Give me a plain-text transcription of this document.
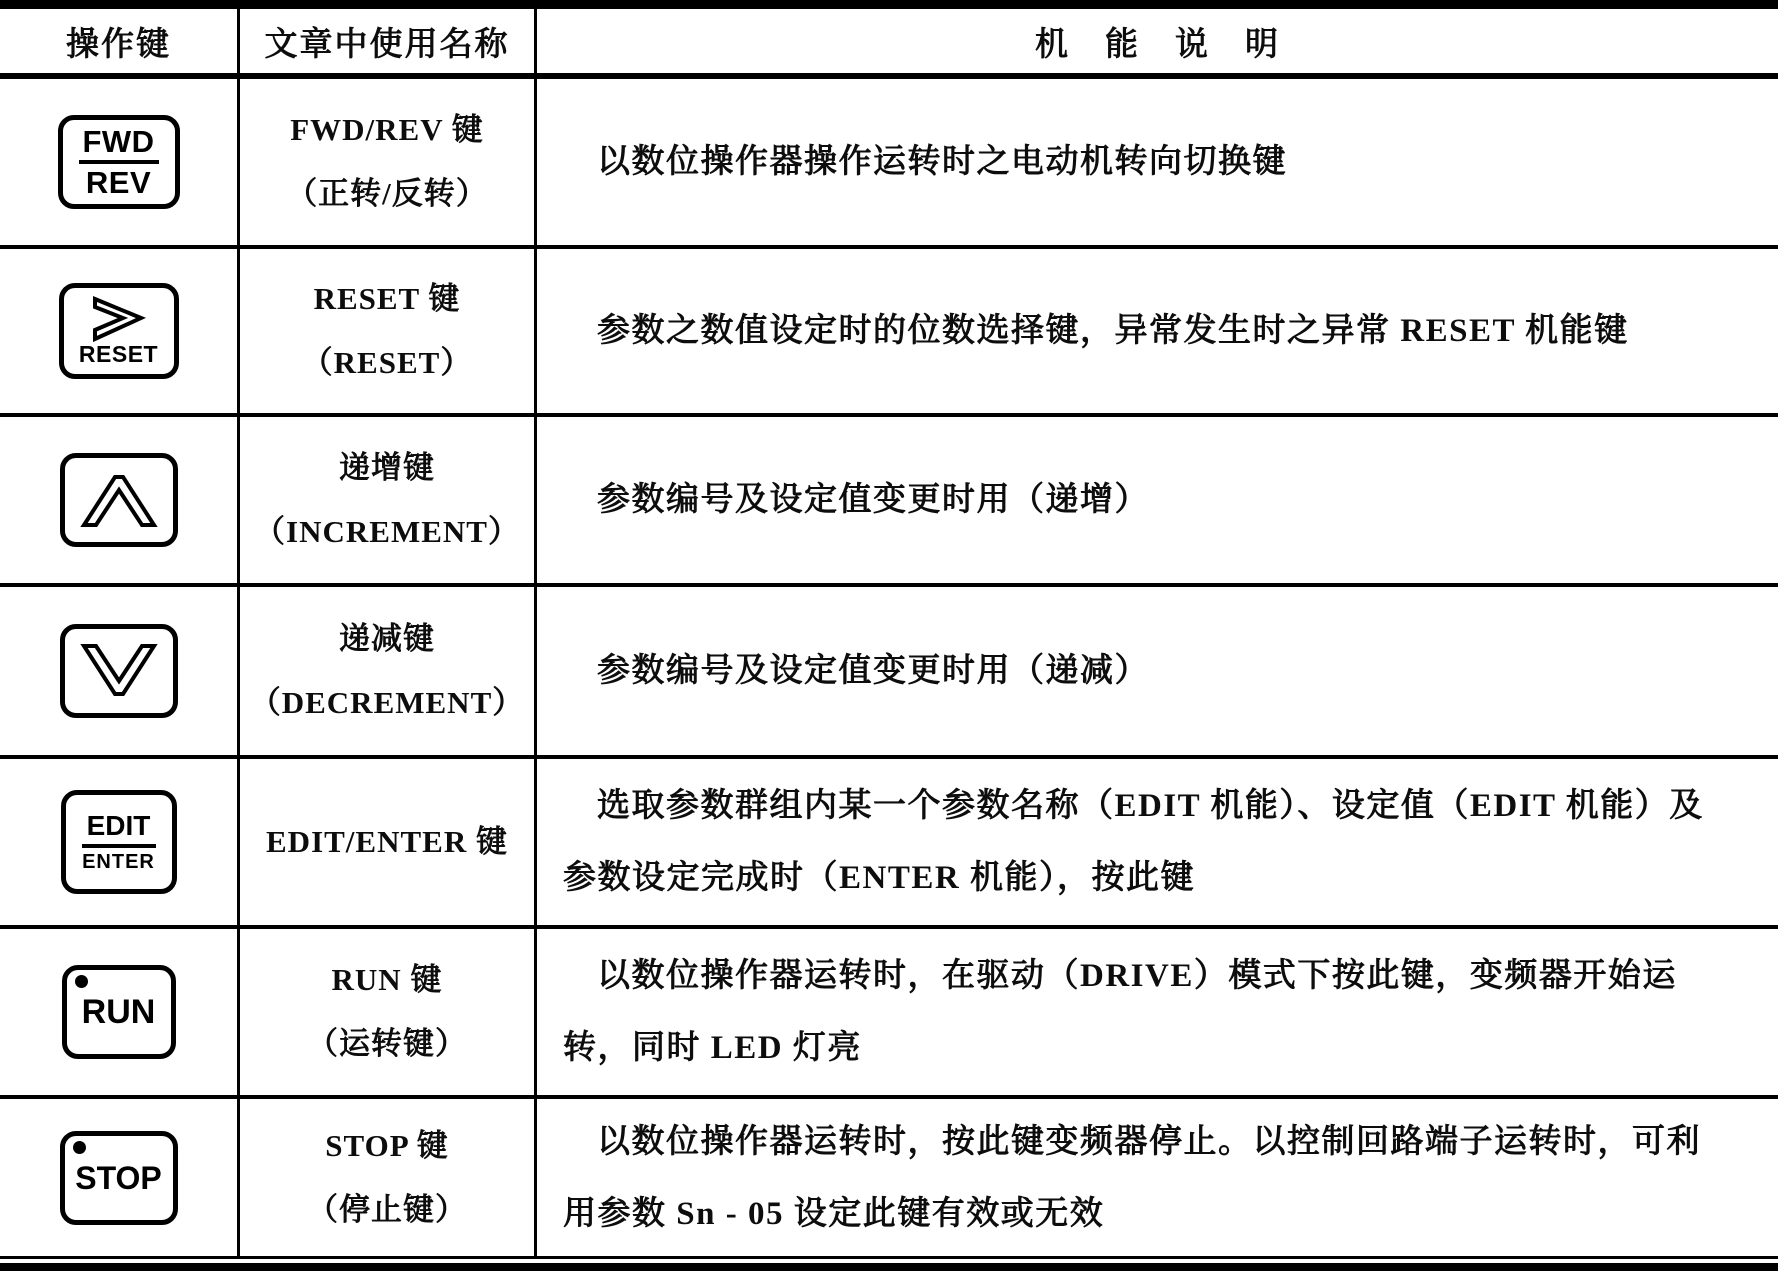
操作键	文章中使用名称	机　能　说　明
FWD
REV
FWD/REV 键
（正转/反转）

以数位操作器操作运转时之电动机转向切换键

RESET
RESET 键
（RESET）

参数之数值设定时的位数选择键，异常发生时之异常 RESET 机能键

递增键
（INCREMENT）

参数编号及设定值变更时用（递增）

递减键
（DECREMENT）

参数编号及设定值变更时用（递减）

EDIT
ENTER
EDIT/ENTER 键

选取参数群组内某一个参数名称（EDIT 机能）、设定值（EDIT 机能）及参数设定完成时（ENTER 机能），按此键

RUN
RUN 键
（运转键）

以数位操作器运转时，在驱动（DRIVE）模式下按此键，变频器开始运转，同时 LED 灯亮

STOP
STOP 键
（停止键）

以数位操作器运转时，按此键变频器停止。以控制回路端子运转时，可利用参数 Sn - 05 设定此键有效或无效
